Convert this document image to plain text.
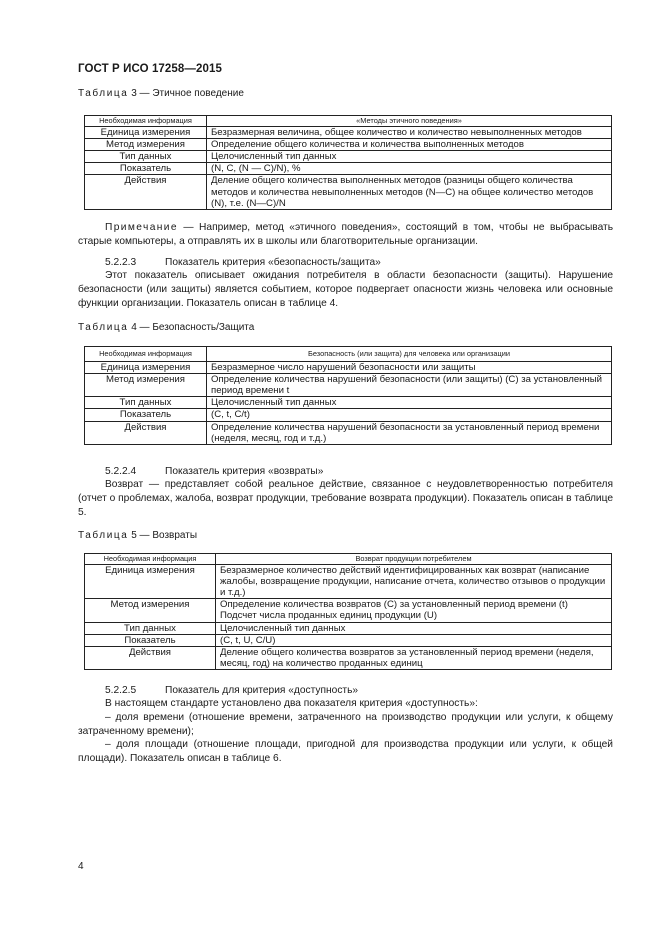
ГОСТ Р ИСО 17258—2015
Таблица 3 — Этичное поведение
Необходимая информация	«Методы этичного поведения»
Единица измерения	Безразмерная величина, общее количество и количество невыполненных методов
Метод измерения	Определение общего количества и количества выполненных методов
Тип данных	Целочисленный тип данных
Показатель	(N, C, (N — C)/N), %
Действия	Деление общего количества выполненных методов (разницы общего количества методов и количества невыполненных методов (N—C) на общее количество методов (N), т.е. (N—C)/N
Примечание — Например, метод «этичного поведения», состоящий в том, чтобы не выбрасывать старые компьютеры, а отправлять их в школы или благотворительные организации.
5.2.2.3	Показатель критерия «безопасность/защита»
Этот показатель описывает ожидания потребителя в области безопасности (защиты). Нарушение безопасности (или защиты) является событием, которое подвергает опасности жизнь человека или основные функции организации. Показатель описан в таблице 4.
Таблица 4 — Безопасность/Защита
Необходимая информация	Безопасность (или защита) для человека или организации
Единица измерения	Безразмерное число нарушений безопасности или защиты
Метод измерения	Определение количества нарушений безопасности (или защиты) (C) за установленный период времени t
Тип данных	Целочисленный тип данных
Показатель	(C, t, C/t)
Действия	Определение количества нарушений безопасности за установленный период времени (неделя, месяц, год и т.д.)
5.2.2.4	Показатель критерия «возвраты»
Возврат — представляет собой реальное действие, связанное с неудовлетворенностью потребителя (отчет о проблемах, жалоба, возврат продукции, требование возврата продукции). Показатель описан в таблице 5.
Таблица 5 — Возвраты
Необходимая информация	Возврат продукции потребителем
Единица измерения	Безразмерное количество действий идентифицированных как возврат (написание жалобы, возвращение продукции, написание отчета, количество отзывов о продукции и т.д.)
Метод измерения	Определение количества возвратов (C) за установленный период времени (t) Подсчет числа проданных единиц продукции (U)
Тип данных	Целочисленный тип данных
Показатель	(C, t, U, C/U)
Действия	Деление общего количества возвратов за установленный период времени (неделя, месяц, год) на количество проданных единиц
5.2.2.5	Показатель для критерия «доступность»
В настоящем стандарте установлено два показателя критерия «доступность»:
– доля времени (отношение времени, затраченного на производство продукции или услуги, к общему затраченному времени);
– доля площади (отношение площади, пригодной для производства продукции или услуги, к общей площади). Показатель описан в таблице 6.
4
